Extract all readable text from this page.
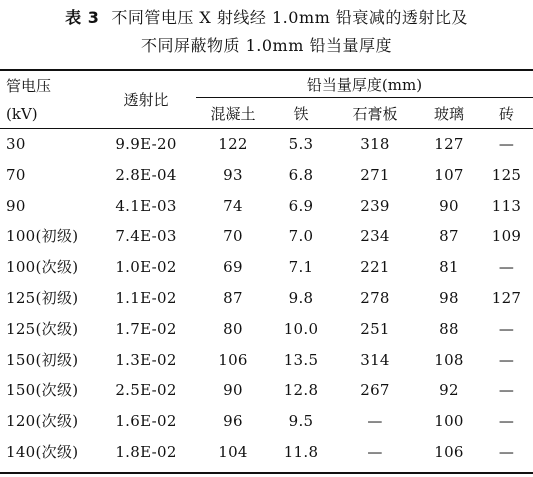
表 3 不同管电压 X 射线经 1.0mm 铅衰减的透射比及
不同屏蔽物质 1.0mm 铅当量厚度
管电压
(kV)
透射比
铅当量厚度(mm)
混凝土	铁	石膏板	玻璃	砖
30	9.9E-20	122	5.3	318	127	—
70	2.8E-04	93	6.8	271	107	125
90	4.1E-03	74	6.9	239	90	113
100(初级)	7.4E-03	70	7.0	234	87	109
100(次级)	1.0E-02	69	7.1	221	81	—
125(初级)	1.1E-02	87	9.8	278	98	127
125(次级)	1.7E-02	80	10.0	251	88	—
150(初级)	1.3E-02	106	13.5	314	108	—
150(次级)	2.5E-02	90	12.8	267	92	—
120(次级)	1.6E-02	96	9.5	—	100	—
140(次级)	1.8E-02	104	11.8	—	106	—
